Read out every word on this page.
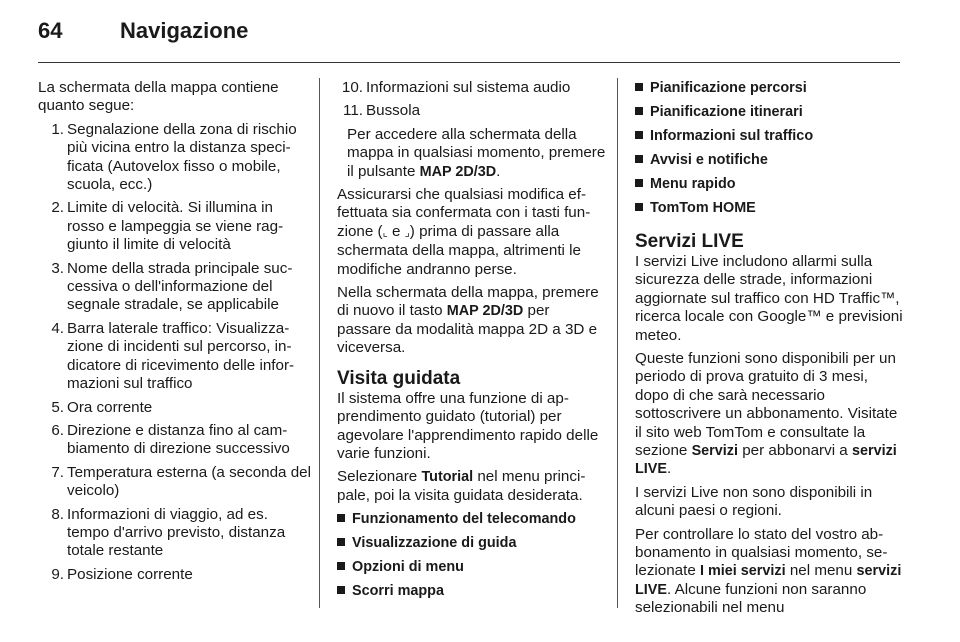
64	Navigazione

La schermata della mappa contiene quanto segue:

1. Segnalazione della zona di rischio più vicina entro la distanza specificata (Autovelox fisso o mobile, scuola, ecc.)
2. Limite di velocità. Si illumina in rosso e lampeggia se viene raggiunto il limite di velocità
3. Nome della strada principale successiva o dell'informazione del segnale stradale, se applicabile
4. Barra laterale traffico: Visualizzazione di incidenti sul percorso, indicatore di ricevimento delle informazioni sul traffico
5. Ora corrente
6. Direzione e distanza fino al cambiamento di direzione successivo
7. Temperatura esterna (a seconda del veicolo)
8. Informazioni di viaggio, ad es. tempo d'arrivo previsto, distanza totale restante
9. Posizione corrente
10. Informazioni sul sistema audio
11. Bussola

Per accedere alla schermata della mappa in qualsiasi momento, premere il pulsante MAP 2D/3D.

Assicurarsi che qualsiasi modifica effettuata sia confermata con i tasti funzione (⌞ e ⌟) prima di passare alla schermata della mappa, altrimenti le modifiche andranno perse.

Nella schermata della mappa, premere di nuovo il tasto MAP 2D/3D per passare da modalità mappa 2D a 3D e viceversa.

Visita guidata

Il sistema offre una funzione di apprendimento guidato (tutorial) per agevolare l'apprendimento rapido delle varie funzioni.

Selezionare Tutorial nel menu principale, poi la visita guidata desiderata.

Funzionamento del telecomando
Visualizzazione di guida
Opzioni di menu
Scorri mappa
Pianificazione percorsi
Pianificazione itinerari
Informazioni sul traffico
Avvisi e notifiche
Menu rapido
TomTom HOME
Servizi LIVE

I servizi Live includono allarmi sulla sicurezza delle strade, informazioni aggiornate sul traffico con HD Traffic™, ricerca locale con Google™ e previsioni meteo.

Queste funzioni sono disponibili per un periodo di prova gratuito di 3 mesi, dopo di che sarà necessario sottoscrivere un abbonamento. Visitate il sito web TomTom e consultate la sezione Servizi per abbonarvi a servizi LIVE.

I servizi Live non sono disponibili in alcuni paesi o regioni.

Per controllare lo stato del vostro abbonamento in qualsiasi momento, selezionate I miei servizi nel menu servizi LIVE. Alcune funzioni non saranno selezionabili nel menu
